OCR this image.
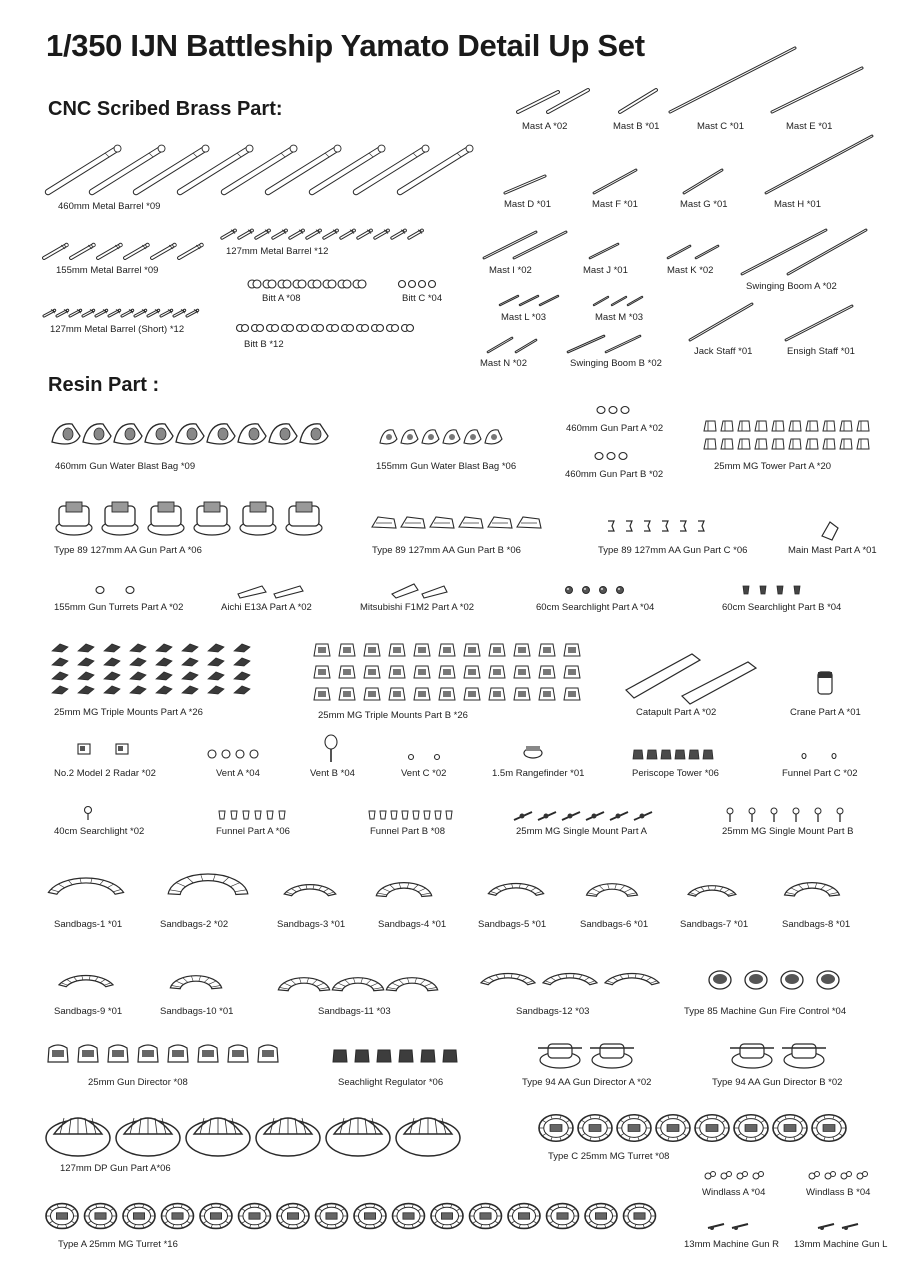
1/350 IJN Battleship Yamato Detail Up Set
CNC Scribed Brass Part:
Resin Part :
460mm Metal Barrel *09
155mm Metal Barrel *09
127mm Metal Barrel *12
127mm Metal Barrel (Short) *12
Bitt A *08	Bitt C *04
Bitt B *12
Mast A *02	Mast B *01	Mast C *01	Mast E *01
Mast D *01	Mast F *01	Mast G *01	Mast H *01
Mast I *02	Mast J *01	Mast K *02
Swinging Boom A *02
Mast L *03	Mast M *03
Jack Staff *01	Ensigh Staff *01
Mast N *02	Swinging Boom B *02
460mm Gun Water Blast Bag *09	155mm Gun Water Blast Bag *06
460mm Gun Part A *02
460mm Gun Part B *02
25mm MG Tower Part A *20
Type 89 127mm AA Gun Part A *06	Type 89 127mm AA Gun Part B *06	Type 89 127mm AA Gun Part C *06	Main Mast Part A *01
155mm Gun Turrets Part A *02	Aichi E13A Part A *02	Mitsubishi F1M2 Part A *02	60cm Searchlight Part A *04	60cm Searchlight Part B *04
25mm MG Triple Mounts Part A *26	25mm MG Triple Mounts Part B *26	Catapult Part A *02	Crane Part A *01
No.2 Model 2 Radar *02	Vent A *04	Vent B *04	Vent C *02	1.5m Rangefinder *01	Periscope Tower *06	Funnel Part C *02
40cm Searchlight *02	Funnel Part A *06	Funnel Part B *08	25mm MG Single Mount Part A	25mm MG Single Mount Part B
Sandbags-1 *01	Sandbags-2 *02	Sandbags-3 *01	Sandbags-4 *01	Sandbags-5 *01	Sandbags-6 *01	Sandbags-7 *01	Sandbags-8 *01
Sandbags-9 *01	Sandbags-10 *01	Sandbags-11 *03	Sandbags-12 *03	Type 85 Machine Gun Fire Control *04
25mm Gun Director *08	Seachlight Regulator *06	Type 94 AA Gun Director A *02	Type 94 AA Gun Director B *02
127mm DP Gun Part A*06
Type C 25mm MG Turret *08
Windlass A *04	Windlass B *04
Type A 25mm MG Turret *16	13mm Machine Gun R 13mm Machine Gun L
